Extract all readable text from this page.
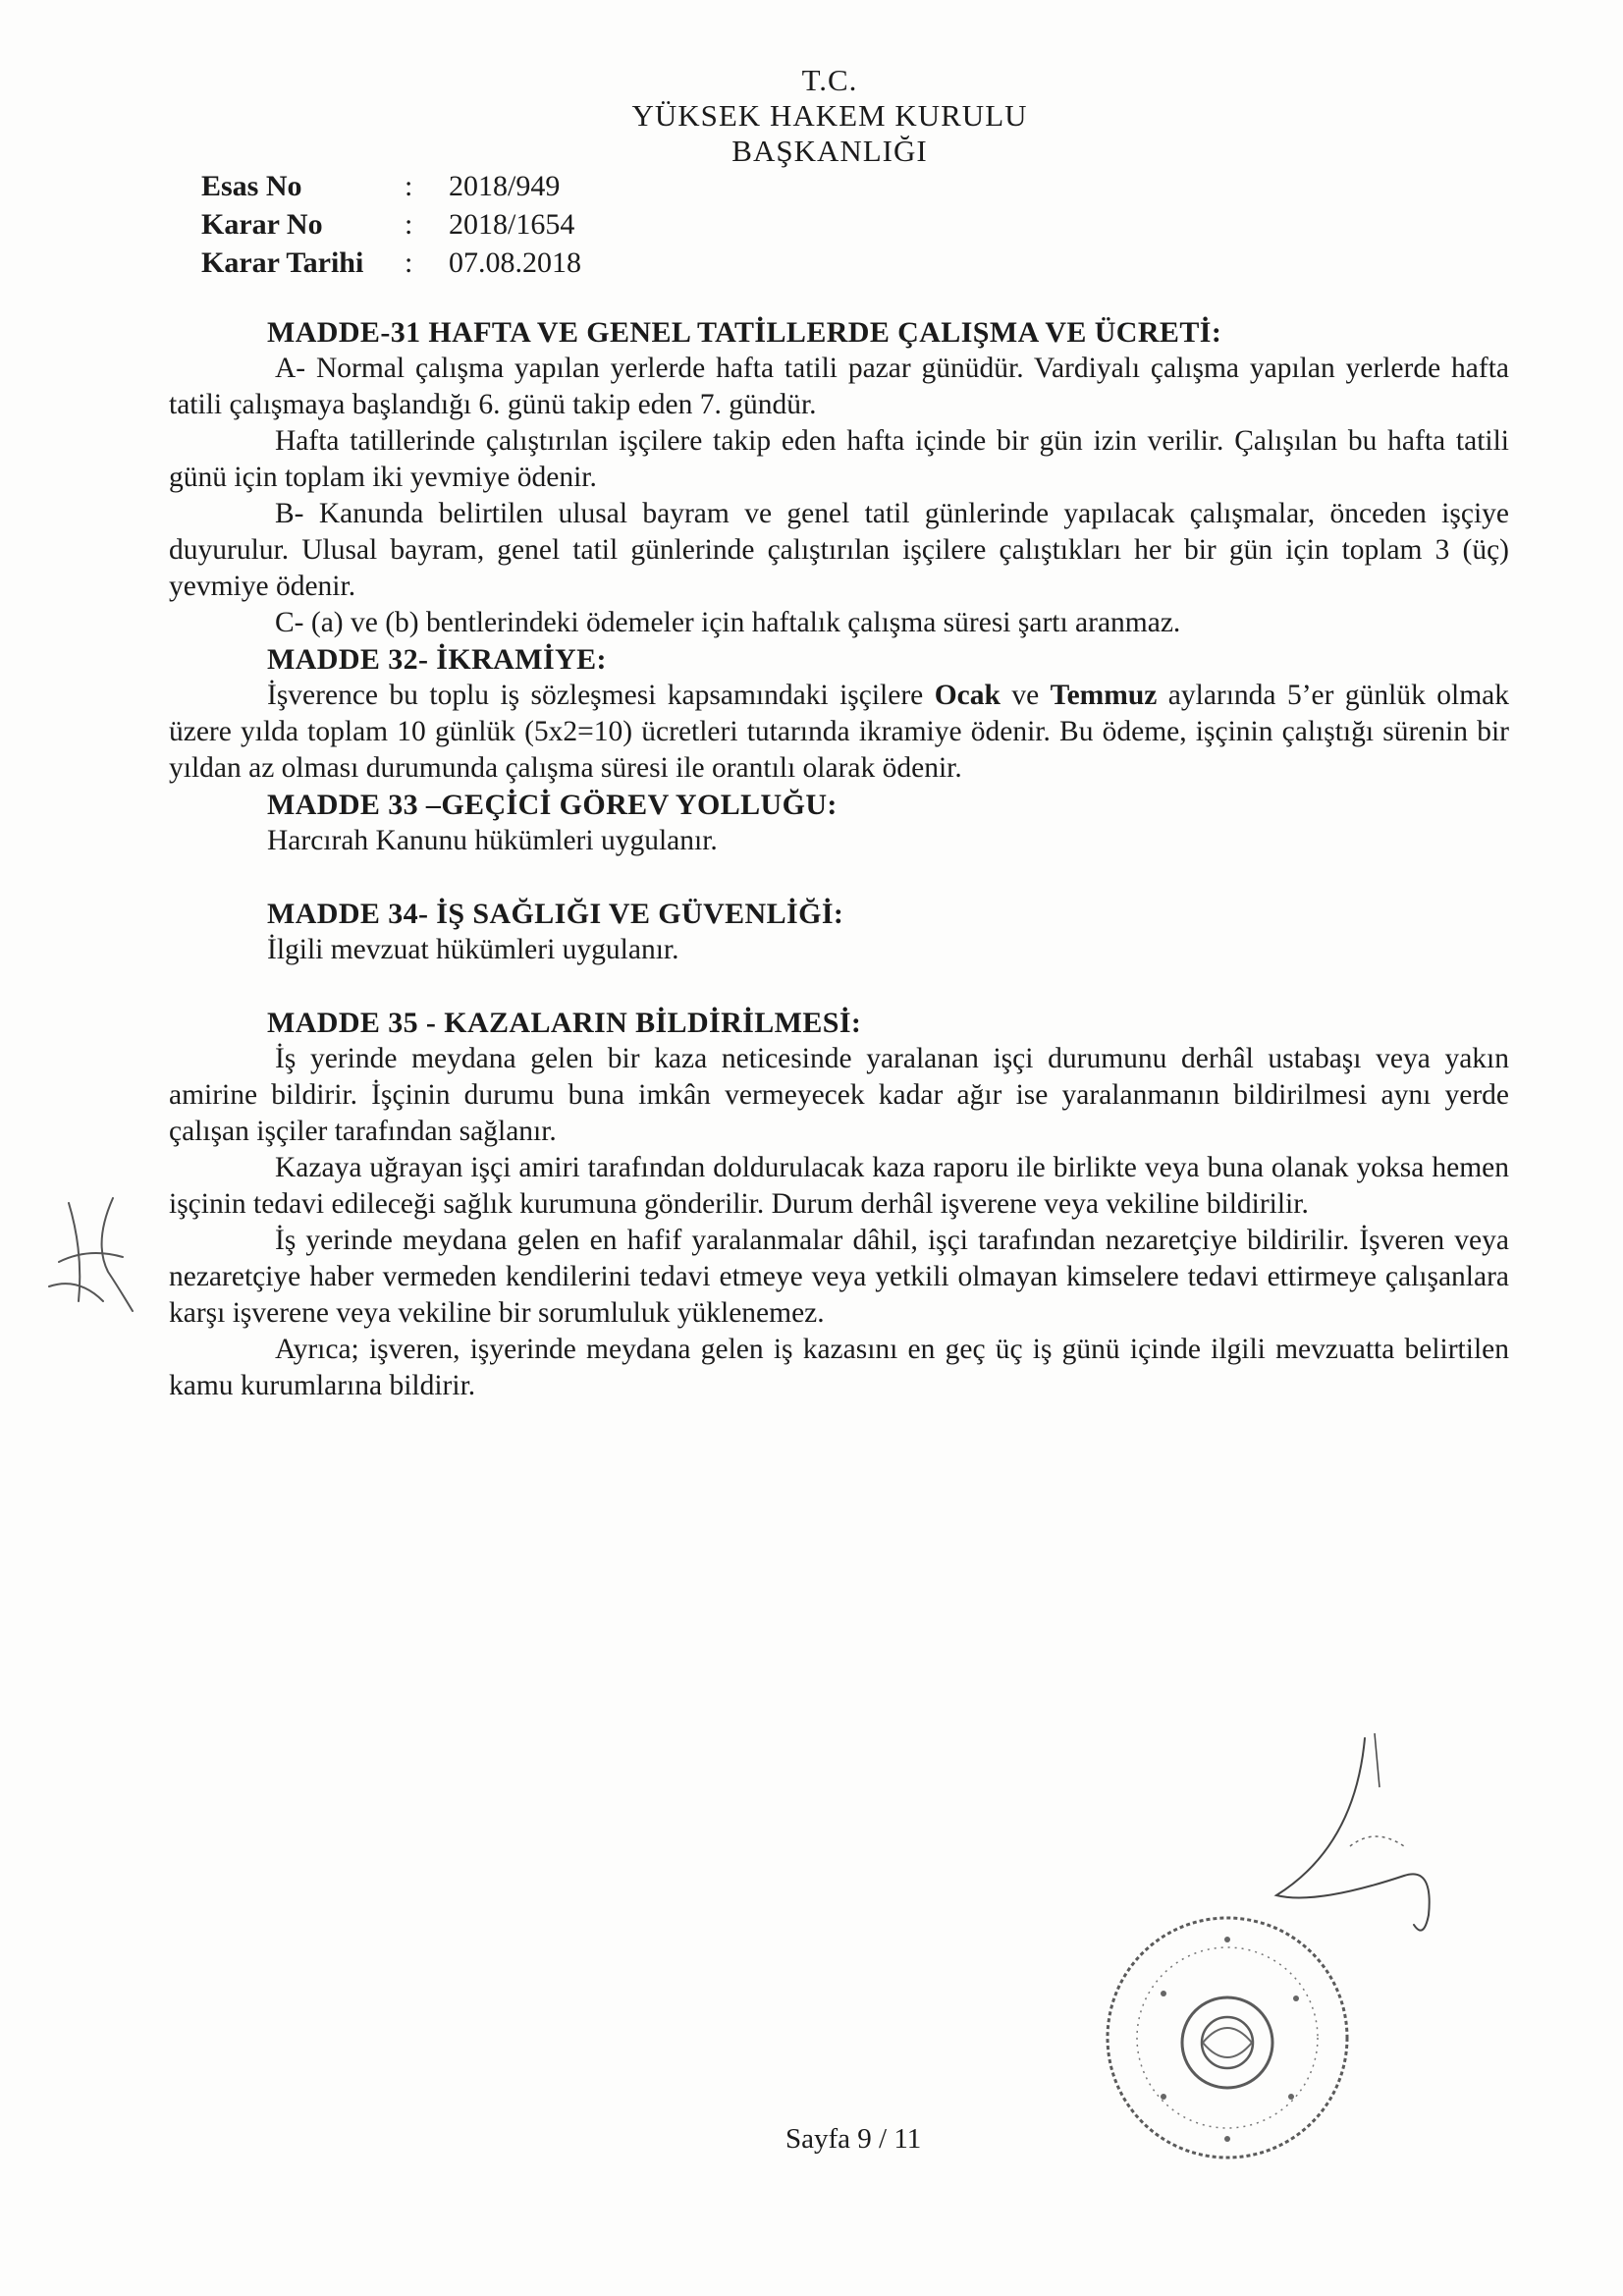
T.C.
YÜKSEK HAKEM KURULU
BAŞKANLIĞI
Esas No	:	2018/949
Karar No	:	2018/1654
Karar Tarihi	:	07.08.2018

MADDE-31 HAFTA VE GENEL TATİLLERDE ÇALIŞMA VE ÜCRETİ:

A- Normal çalışma yapılan yerlerde hafta tatili pazar günüdür. Vardiyalı çalışma yapılan yerlerde hafta tatili çalışmaya başlandığı 6. günü takip eden 7. gündür.

Hafta tatillerinde çalıştırılan işçilere takip eden hafta içinde bir gün izin verilir. Çalışılan bu hafta tatili günü için toplam iki yevmiye ödenir.

B- Kanunda belirtilen ulusal bayram ve genel tatil günlerinde yapılacak çalışmalar, önceden işçiye duyurulur. Ulusal bayram, genel tatil günlerinde çalıştırılan işçilere çalıştıkları her bir gün için toplam 3 (üç) yevmiye ödenir.

C- (a) ve (b) bentlerindeki ödemeler için haftalık çalışma süresi şartı aranmaz.

MADDE 32- İKRAMİYE:

İşverence bu toplu iş sözleşmesi kapsamındaki işçilere Ocak ve Temmuz aylarında 5’er günlük olmak üzere yılda toplam 10 günlük (5x2=10) ücretleri tutarında ikramiye ödenir. Bu ödeme, işçinin çalıştığı sürenin bir yıldan az olması durumunda çalışma süresi ile orantılı olarak ödenir.

MADDE 33 –GEÇİCİ GÖREV YOLLUĞU:

Harcırah Kanunu hükümleri uygulanır.

MADDE 34- İŞ SAĞLIĞI VE GÜVENLİĞİ:

İlgili mevzuat hükümleri uygulanır.

MADDE 35 - KAZALARIN BİLDİRİLMESİ:

İş yerinde meydana gelen bir kaza neticesinde yaralanan işçi durumunu derhâl ustabaşı veya yakın amirine bildirir. İşçinin durumu buna imkân vermeyecek kadar ağır ise yaralanmanın bildirilmesi aynı yerde çalışan işçiler tarafından sağlanır.

Kazaya uğrayan işçi amiri tarafından doldurulacak kaza raporu ile birlikte veya buna olanak yoksa hemen işçinin tedavi edileceği sağlık kurumuna gönderilir. Durum derhâl işverene veya vekiline bildirilir.

İş yerinde meydana gelen en hafif yaralanmalar dâhil, işçi tarafından nezaretçiye bildirilir. İşveren veya nezaretçiye haber vermeden kendilerini tedavi etmeye veya yetkili olmayan kimselere tedavi ettirmeye çalışanlara karşı işverene veya vekiline bir sorumluluk yüklenemez.

Ayrıca; işveren, işyerinde meydana gelen iş kazasını en geç üç iş günü içinde ilgili mevzuatta belirtilen kamu kurumlarına bildirir.

Sayfa 9 / 11
